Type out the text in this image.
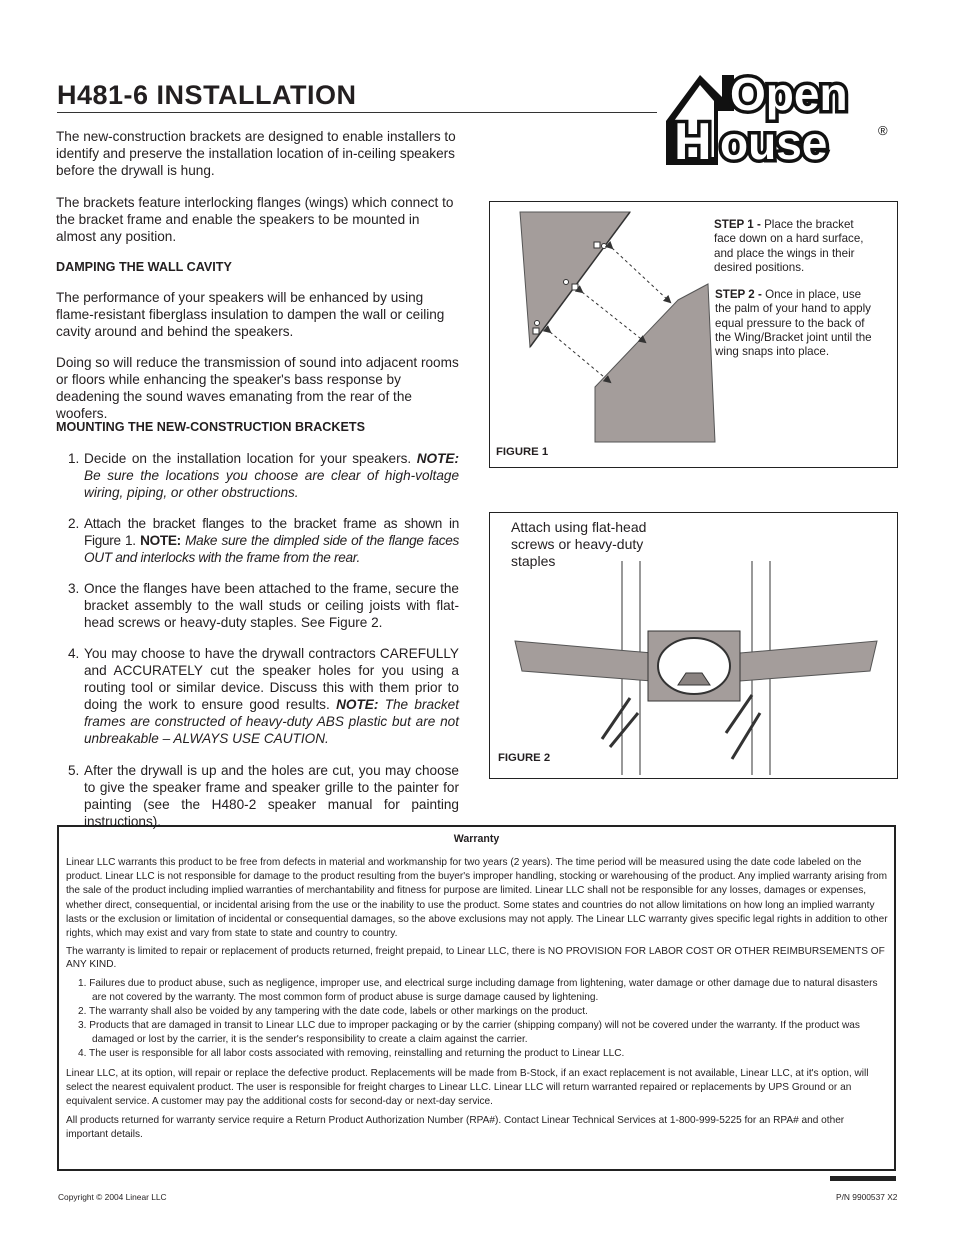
H481-6 INSTALLATION	Open
H ouse	®

The new-construction brackets are designed to enable installers to identify and preserve the installation location of in-ceiling speakers before the drywall is hung.

The brackets feature interlocking flanges (wings) which connect to the bracket frame and enable the speakers to be mounted in almost any position.

DAMPING THE WALL CAVITY

The performance of your speakers will be enhanced by using flame-resistant fiberglass insulation to dampen the wall or ceiling cavity around and behind the speakers.

Doing so will reduce the transmission of sound into adjacent rooms or floors while enhancing the speaker's bass response by deadening the sound waves emanating from the rear of the woofers.

MOUNTING THE NEW-CONSTRUCTION BRACKETS
1. Decide on the installation location for your speakers. NOTE: Be sure the locations you choose are clear of high-voltage wiring, piping, or other obstructions.
2. Attach the bracket flanges to the bracket frame as shown in Figure 1. NOTE: Make sure the dimpled side of the flange faces OUT and interlocks with the frame from the rear.
3. Once the flanges have been attached to the frame, secure the bracket assembly to the wall studs or ceiling joists with flat-head screws or heavy-duty staples. See Figure 2.
4. You may choose to have the drywall contractors CAREFULLY and ACCURATELY cut the speaker holes for you using a routing tool or similar device. Discuss this with them prior to doing the work to ensure good results. NOTE: The bracket frames are constructed of heavy-duty ABS plastic but are not unbreakable – ALWAYS USE CAUTION.
5. After the drywall is up and the holes are cut, you may choose to give the speaker frame and speaker grille to the painter for painting (see the H480-2 speaker manual for painting instructions).
STEP 1 - Place the bracket face down on a hard surface, and place the wings in their desired positions.
STEP 2 - Once in place, use the palm of your hand to apply equal pressure to the back of the Wing/Bracket joint until the wing snaps into place.
FIGURE 1
Attach using flat-head screws or heavy-duty staples
FIGURE 2
Warranty

Linear LLC warrants this product to be free from defects in material and workmanship for two years (2 years). The time period will be measured using the date code labeled on the product. Linear LLC is not responsible for damage to the product resulting from the buyer's improper handling, stocking or warehousing of the product. Any implied warranty arising from the sale of the product including implied warranties of merchantability and fitness for purpose are limited. Linear LLC shall not be responsible for any losses, damages or expenses, whether direct, consequential, or incidental arising from the use or the inability to use the product. Some states and countries do not allow limitations on how long an implied warranty lasts or the exclusion or limitation of incidental or consequential damages, so the above exclusions may not apply. The Linear LLC warranty gives specific legal rights in addition to other rights, which may exist and vary from state to state and country to country.

The warranty is limited to repair or replacement of products returned, freight prepaid, to Linear LLC, there is NO PROVISION FOR LABOR COST OR OTHER REIMBURSEMENTS OF ANY KIND.

1. Failures due to product abuse, such as negligence, improper use, and electrical surge including damage from lightening, water damage or other damage due to natural disasters are not covered by the warranty. The most common form of product abuse is surge damage caused by lightening.
2. The warranty shall also be voided by any tampering with the date code, labels or other markings on the product.
3. Products that are damaged in transit to Linear LLC due to improper packaging or by the carrier (shipping company) will not be covered under the warranty. If the product was damaged or lost by the carrier, it is the sender's responsibility to create a claim against the carrier.
4. The user is responsible for all labor costs associated with removing, reinstalling and returning the product to Linear LLC.

Linear LLC, at its option, will repair or replace the defective product. Replacements will be made from B-Stock, if an exact replacement is not available, Linear LLC, at it's option, will select the nearest equivalent product. The user is responsible for freight charges to Linear LLC. Linear LLC will return warranted repaired or replacements by UPS Ground or an equivalent service. A customer may pay the additional costs for second-day or next-day service.

All products returned for warranty service require a Return Product Authorization Number (RPA#). Contact Linear Technical Services at 1-800-999-5225 for an RPA# and other important details.

Copyright © 2004 Linear LLC	P/N 9900537 X2
